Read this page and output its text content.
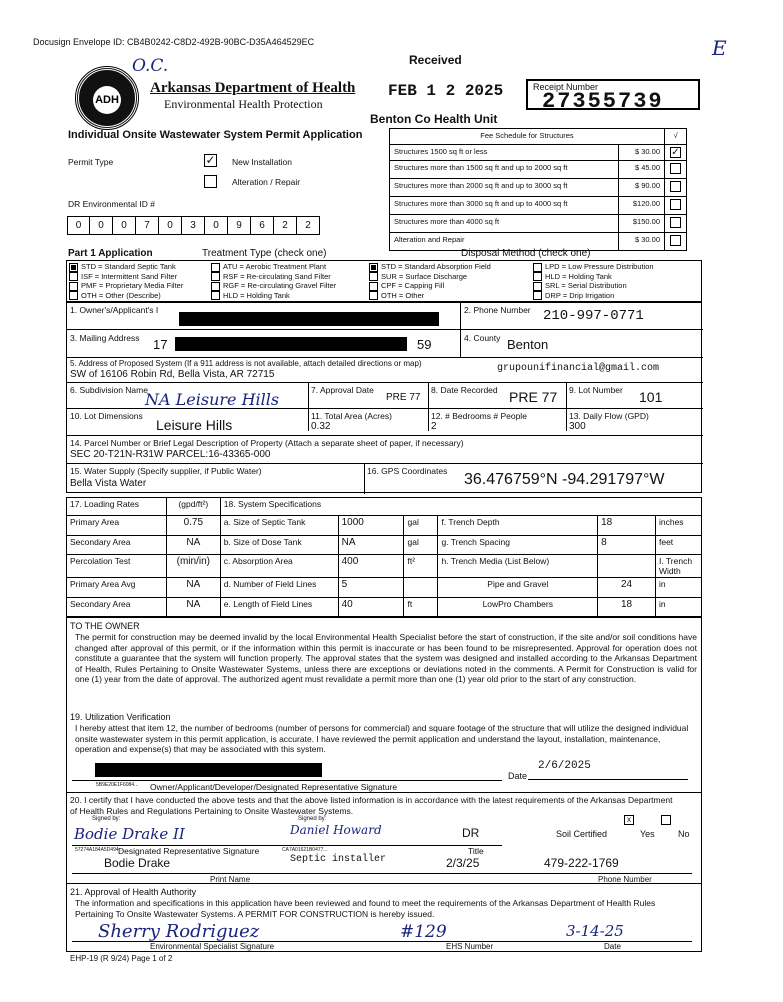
Docusign Envelope ID: CB4B0242-C8D2-492B-90BC-D35A464529EC	E
O.C.
ADH
Arkansas Department of Health
Environmental Health Protection
Received
FEB 1 2 2025
Benton Co Health Unit
Receipt Number
27355739
Individual Onsite Wastewater System Permit Application
Permit Type	✓ New Installation
Alteration / Repair
DR Environmental ID #
0	0	0	7	0	3	0	9	6	2	2
Fee Schedule for Structures		√
Structures 1500 sq ft or less	$ 30.00	✓
Structures more than 1500 sq ft and up to 2000 sq ft	$ 45.00	
Structures more than 2000 sq ft and up to 3000 sq ft	$ 90.00	
Structures more than 3000 sq ft and up to 4000 sq ft	$120.00	
Structures more than 4000 sq ft	$150.00	
Alteration and Repair	$ 30.00	
Part 1 Application	Treatment Type (check one)	Disposal Method (check one)
STD = Standard Septic Tank
ISF = Intermittent Sand Filter
PMF = Proprietary Media Filter
OTH = Other (Describe)
ATU = Aerobic Treatment Plant
RSF = Re-circulating Sand Filter
RGF = Re-circulating Gravel Filter
HLD = Holding Tank
STD = Standard Absorption Field
SUR = Surface Discharge
CPF = Capping Fill
OTH = Other
LPD = Low Pressure Distribution
HLD = Holding Tank
SRL = Serial Distribution
DRP = Drip Irrigation
1. Owner's/Applicant's I	2. Phone Number 210-997-0771
3. Mailing Address 17	59	4. County Benton
5. Address of Proposed System (If a 911 address is not available, attach detailed directions or map)	grupounifinancial@gmail.com
SW of 16106 Robin Rd, Bella Vista, AR 72715
6. Subdivision Name
NA Leisure Hills	7. Approval Date
PRE 77
8. Date Recorded PRE 77 9. Lot Number 101
10. Lot Dimensions
Leisure Hills
11. Total Area (Acres)
0.32
12. # Bedrooms # People
2
13. Daily Flow (GPD)
300
14. Parcel Number or Brief Legal Description of Property (Attach a separate sheet of paper, if necessary)
SEC 20-T21N-R31W PARCEL:16-43365-000
15. Water Supply (Specify supplier, if Public Water)
Bella Vista Water
16. GPS Coordinates 36.476759°N -94.291797°W
17. Loading Rates	(gpd/ft²)	18. System Specifications					
Primary Area	0.75	a. Size of Septic Tank	1000	gal	f. Trench Depth	18	inches
Secondary Area	NA	b. Size of Dose Tank	NA	gal	g. Trench Spacing	8	feet
Percolation Test	(min/in)	c. Absorption Area	400	ft²	h. Trench Media (List Below)		I. Trench Width
Primary Area Avg	NA	d. Number of Field Lines	5		Pipe and Gravel	24	in
Secondary Area	NA	e. Length of Field Lines	40	ft	LowPro Chambers	18	in
TO THE OWNER
The permit for construction may be deemed invalid by the local Environmental Health Specialist before the start of construction, if the site and/or soil conditions have changed after approval of this permit, or if the information within this permit is inaccurate or has been found to be misrepresented. Approval for operation does not constitute a guarantee that the system will function properly. The approval states that the system was designed and installed according to the Arkansas Department of Health, Rules Pertaining to Onsite Wastewater Systems, unless there are exceptions or deviations noted in the comments. A Permit for Construction is valid for one (1) year from the date of approval. The authorized agent must revalidate a permit more than one (1) year old prior to the start of any construction.
19. Utilization Verification
I hereby attest that item 12, the number of bedrooms (number of persons for commercial) and square footage of the structure that will utilize the designed individual onsite wastewater system in this permit application, is accurate. I have reviewed the permit application and understand the layout, installation, maintenance, operation and expense(s) that may be associated with this system.
5B9E20E1F6084... Owner/Applicant/Developer/Designated Representative Signature
Date
2/6/2025
20. I certify that I have conducted the above tests and that the above listed information is in accordance with the latest requirements of the Arkansas Department of Health Rules and Regulations Pertaining to Onsite Wastewater Systems.
Signed by:
Bodie Drake II
Signed by:
Daniel Howard	DR
x
Soil Certified	Yes	No
57274A184A5D494...
Designated Representative Signature	CA7A01621B0477...	Title
Septic installer
Bodie Drake	2/3/25	479-222-1769
Print Name	Phone Number
21. Approval of Health Authority
The information and specifications in this application have been reviewed and found to meet the requirements of the Arkansas Department of Health Rules Pertaining To Onsite Wastewater Systems. A PERMIT FOR CONSTRUCTION is hereby issued.
Sherry Rodriguez	#129	3-14-25
Environmental Specialist Signature	EHS Number	Date
EHP-19 (R 9/24) Page 1 of 2
